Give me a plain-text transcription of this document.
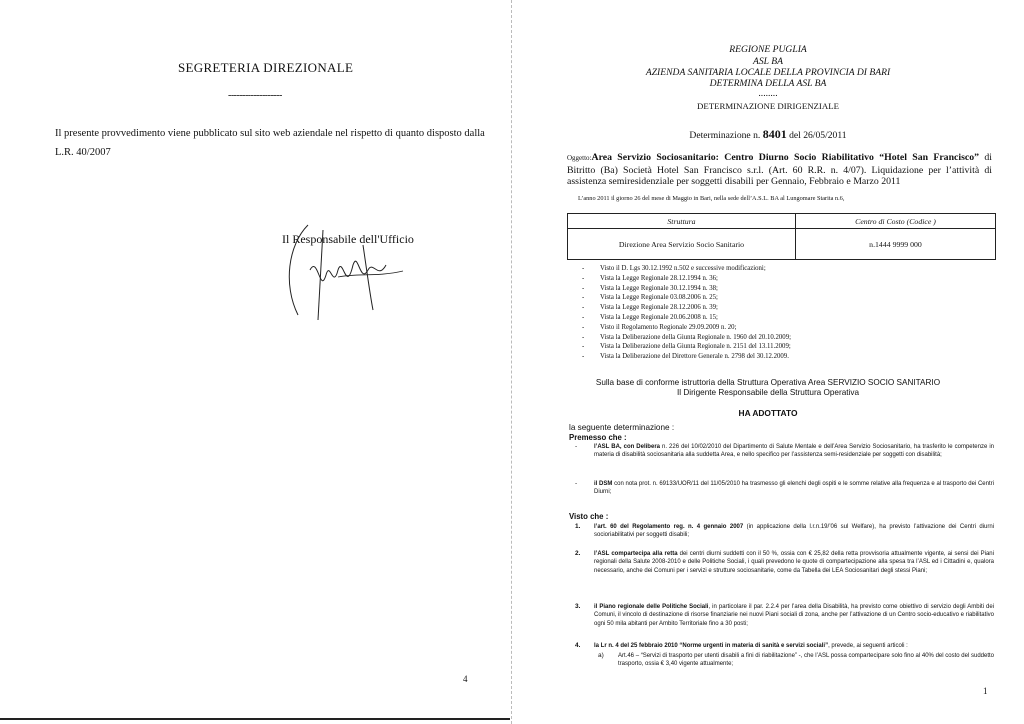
SEGRETERIA DIREZIONALE
-------------------
Il presente provvedimento viene pubblicato sul sito web aziendale nel rispetto di quanto disposto dalla L.R. 40/2007
Il Responsabile dell'Ufficio
4
REGIONE PUGLIA
ASL BA
AZIENDA SANITARIA LOCALE DELLA PROVINCIA DI BARI
DETERMINA DELLA ASL BA
........
DETERMINAZIONE DIRIGENZIALE
Determinazione n. 8401 del 26/05/2011
Oggetto:Area Servizio Sociosanitario: Centro Diurno Socio Riabilitativo “Hotel San Francisco” di Bitritto (Ba) Società Hotel San Francisco s.r.l. (Art. 60 R.R. n. 4/07). Liquidazione per l’attività di assistenza semiresidenziale per soggetti disabili per Gennaio, Febbraio e Marzo 2011
L’anno 2011 il giorno 26 del mese di Maggio in Bari, nella sede dell’A.S.L. BA al Lungomare Starita n.6,
Struttura	Centro di Costo (Codice )
Direzione Area Servizio Socio Sanitario	n.1444 9999 000
- Visto il D. Lgs 30.12.1992 n.502 e successive modificazioni;
- Vista la Legge Regionale 28.12.1994 n. 36;
- Vista la Legge Regionale 30.12.1994 n. 38;
- Vista la Legge Regionale 03.08.2006 n. 25;
- Vista la Legge Regionale 28.12.2006 n. 39;
- Vista la Legge Regionale 20.06.2008 n. 15;
- Visto il Regolamento Regionale 29.09.2009 n. 20;
- Vista la Deliberazione della Giunta Regionale n. 1960 del 20.10.2009;
- Vista la Deliberazione della Giunta Regionale n. 2151 del 13.11.2009;
- Vista la Deliberazione del Direttore Generale n. 2798 del 30.12.2009.
Sulla base di conforme istruttoria della Struttura Operativa Area SERVIZIO SOCIO SANITARIO
Il Dirigente Responsabile della Struttura Operativa
HA ADOTTATO
la seguente determinazione :
Premesso che :
-	l’ASL BA, con Delibera n. 226 del 10/02/2010 del Dipartimento di Salute Mentale e dell’Area Servizio Sociosanitario, ha trasferito le competenze in materia di disabilità sociosanitaria alla suddetta Area, e nello specifico per l’assistenza semi-residenziale per soggetti con disabilità;
-	il DSM con nota prot. n. 69133/UOR/11 del 11/05/2010 ha trasmesso gli elenchi degli ospiti e le somme relative alla frequenza e al trasporto dei Centri Diurni;
Visto che :
1. l’art. 60 del Regolamento reg. n. 4 gennaio 2007 (in applicazione della l.r.n.19/’06 sul Welfare), ha previsto l’attivazione dei Centri diurni socioriabilitativi per soggetti disabili;
2. l’ASL compartecipa alla retta dei centri diurni suddetti con il 50 %, ossia con € 25,82 della retta provvisoria attualmente vigente, ai sensi dei Piani regionali della Salute 2008-2010 e delle Politiche Sociali, i quali prevedono le quote di compartecipazione alla spesa tra l’ASL ed i Cittadini e, qualora necessario, anche dei Comuni per i servizi e strutture sociosanitarie, come da Tabella dei LEA Sociosanitari degli stessi Piani;
3. il Piano regionale delle Politiche Sociali, in particolare il par. 2.2.4 per l’area della Disabilità, ha previsto come obiettivo di servizio degli Ambiti dei Comuni, il vincolo di destinazione di risorse finanziarie nei nuovi Piani sociali di zona, anche per l’attivazione di un Centro socio-educativo e riabilitativo ogni 50 mila abitanti per Ambito Territoriale fino a 30 posti;
4. la Lr n. 4 del 25 febbraio 2010 “Norme urgenti in materia di sanità e servizi sociali”, prevede, ai seguenti articoli :
a) Art.46 – “Servizi di trasporto per utenti disabili a fini di riabilitazione” -, che l’ASL possa compartecipare solo fino al 40% del costo del suddetto trasporto, ossia € 3,40 vigente attualmente;
1
